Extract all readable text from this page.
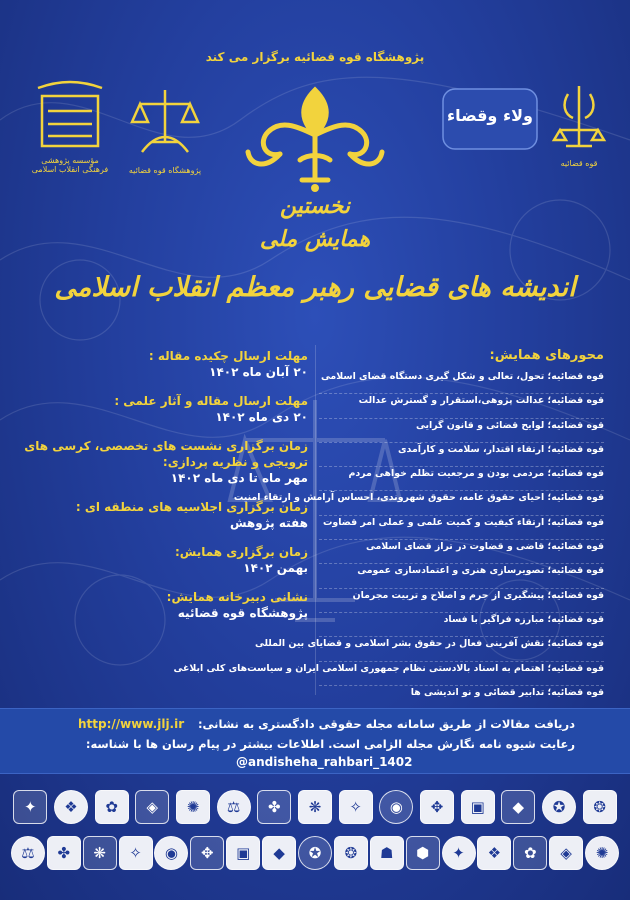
پژوهشگاه قوه قضائیه برگزار می کند
قوه قضائیه
ولاء وقضاء
پژوهشگاه قوه قضائیه
مؤسسه پژوهشی فرهنگی انقلاب اسلامی
نخستین
همایش ملی
اندیشه های قضایی رهبر معظم انقلاب اسلامی
محورهای همایش:
قوه قضائیه؛ تحول، تعالی و شکل گیری دستگاه قضای اسلامی
قوه قضائیه؛ عدالت پژوهی،استقرار و گسترش عدالت
قوه قضائیه؛ لوایح قضائی و قانون گرایی
قوه قضائیه؛ ارتقاء اقتدار، سلامت و کارآمدی
قوه قضائیه؛ مردمی بودن و مرجعیت تظلم خواهی مردم
قوه قضائیه؛ احیای حقوق عامه، حقوق شهروندی، احساس آرامش و ارتقاء امنیت
قوه قضائیه؛ ارتقاء کیفیت و کمیت علمی و عملی امر قضاوت
قوه قضائیه؛ قاضی و قضاوت در تراز قضای اسلامی
قوه قضائیه؛ تصویرسازی هنری و اعتمادسازی عمومی
قوه قضائیه؛ پیشگیری از جرم و اصلاح و تربیت مجرمان
قوه قضائیه؛ مبارزه فراگیر با فساد
قوه قضائیه؛ نقش آفرینی فعال در حقوق بشر اسلامی و قضایای بین المللی
قوه قضائیه؛ اهتمام به اسناد بالادستی نظام جمهوری اسلامی ایران و سیاست‌های کلی ابلاغی
قوه قضائیه؛ تدابیر قضائی و نو اندیشی ها
مهلت ارسال چکیده مقاله :
۲۰ آبان ماه ۱۴۰۲
مهلت ارسال مقاله و آثار علمی :
۲۰ دی ماه ۱۴۰۲
زمان برگزاری نشست های تخصصی، کرسی های ترویجی و نظریه پردازی:
مهر ماه تا دی ماه ۱۴۰۲
زمان برگزاری اجلاسیه های منطقه ای :
هفته پژوهش
زمان برگزاری همایش:
بهمن ۱۴۰۲
نشانی دبیرخانه همایش:
پژوهشگاه قوه قضائیه
دریافت مقالات از طریق سامانه مجله حقوقی دادگستری به نشانی:
http://www.jlj.ir
رعایت شیوه نامه نگارش مجله الزامی است. اطلاعات بیشتر در پیام رسان ها با شناسه:
@andisheha_rahbari_1402
✦	❖	✿	◈	✺	⚖	✤	❋	✧	◉	✥	▣	◆	✪	❂
⚖	✤	❋	✧	◉	✥	▣	◆	✪	❂	☗	⬢	✦	❖	✿	◈	✺
